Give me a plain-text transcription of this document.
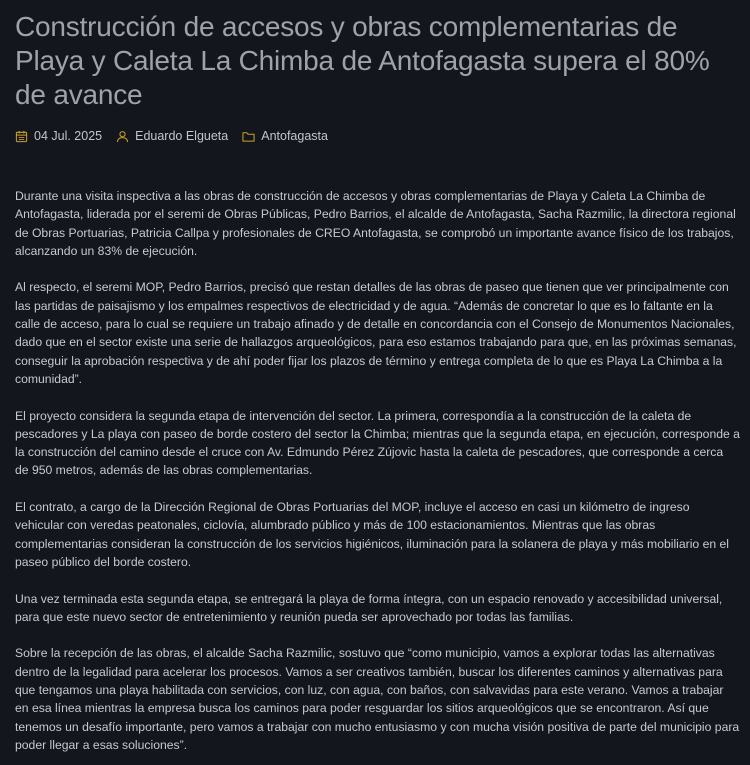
Construcción de accesos y obras complementarias de Playa y Caleta La Chimba de Antofagasta supera el 80% de avance
04 Jul. 2025	Eduardo Elgueta	Antofagasta

Durante una visita inspectiva a las obras de construcción de accesos y obras complementarias de Playa y Caleta La Chimba de Antofagasta, liderada por el seremi de Obras Públicas, Pedro Barrios, el alcalde de Antofagasta, Sacha Razmilic, la directora regional de Obras Portuarias, Patricia Callpa y profesionales de CREO Antofagasta, se comprobó un importante avance físico de los trabajos, alcanzando un 83% de ejecución.

Al respecto, el seremi MOP, Pedro Barrios, precisó que restan detalles de las obras de paseo que tienen que ver principalmente con las partidas de paisajismo y los empalmes respectivos de electricidad y de agua. “Además de concretar lo que es lo faltante en la calle de acceso, para lo cual se requiere un trabajo afinado y de detalle en concordancia con el Consejo de Monumentos Nacionales, dado que en el sector existe una serie de hallazgos arqueológicos, para eso estamos trabajando para que, en las próximas semanas, conseguir la aprobación respectiva y de ahí poder fijar los plazos de término y entrega completa de lo que es Playa La Chimba a la comunidad”.

El proyecto considera la segunda etapa de intervención del sector. La primera, correspondía a la construcción de la caleta de pescadores y La playa con paseo de borde costero del sector la Chimba; mientras que la segunda etapa, en ejecución, corresponde a la construcción del camino desde el cruce con Av. Edmundo Pérez Zújovic hasta la caleta de pescadores, que corresponde a cerca de 950 metros, además de las obras complementarias.

El contrato, a cargo de la Dirección Regional de Obras Portuarias del MOP, incluye el acceso en casi un kilómetro de ingreso vehicular con veredas peatonales, ciclovía, alumbrado público y más de 100 estacionamientos. Mientras que las obras complementarias consideran la construcción de los servicios higiénicos, iluminación para la solanera de playa y más mobiliario en el paseo público del borde costero.

Una vez terminada esta segunda etapa, se entregará la playa de forma íntegra, con un espacio renovado y accesibilidad universal, para que este nuevo sector de entretenimiento y reunión pueda ser aprovechado por todas las familias.

Sobre la recepción de las obras, el alcalde Sacha Razmilic, sostuvo que “como municipio, vamos a explorar todas las alternativas dentro de la legalidad para acelerar los procesos. Vamos a ser creativos también, buscar los diferentes caminos y alternativas para que tengamos una playa habilitada con servicios, con luz, con agua, con baños, con salvavidas para este verano. Vamos a trabajar en esa línea mientras la empresa busca los caminos para poder resguardar los sitios arqueológicos que se encontraron. Así que tenemos un desafío importante, pero vamos a trabajar con mucho entusiasmo y con mucha visión positiva de parte del municipio para poder llegar a esas soluciones”.
